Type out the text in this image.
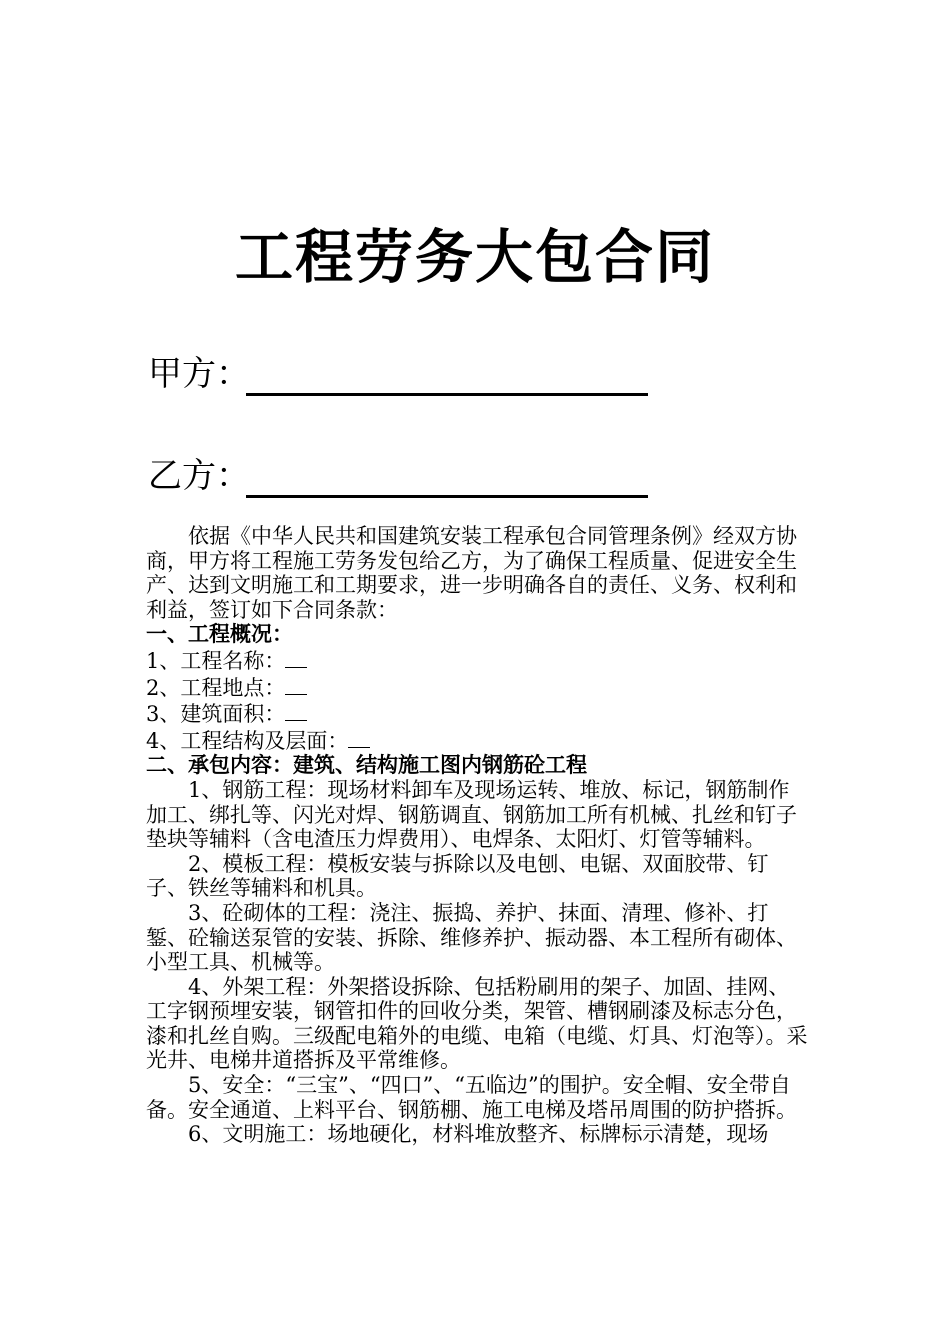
工程劳务大包合同
甲方：
乙方：

依据《中华人民共和国建筑安装工程承包合同管理条例》经双方协商，甲方将工程施工劳务发包给乙方，为了确保工程质量、促进安全生产、达到文明施工和工期要求，进一步明确各自的责任、义务、权利和利益，签订如下合同条款：

一、工程概况：

1、工程名称：

2、工程地点：

3、建筑面积：

4、工程结构及层面：

二、承包内容：建筑、结构施工图内钢筋砼工程

1、钢筋工程：现场材料卸车及现场运转、堆放、标记，钢筋制作加工、绑扎等、闪光对焊、钢筋调直、钢筋加工所有机械、扎丝和钉子垫块等辅料（含电渣压力焊费用）、电焊条、太阳灯、灯管等辅料。

2、模板工程：模板安装与拆除以及电刨、电锯、双面胶带、钉子、铁丝等辅料和机具。

3、砼砌体的工程：浇注、振捣、养护、抹面、清理、修补、打錾、砼输送泵管的安装、拆除、维修养护、振动器、本工程所有砌体、小型工具、机械等。

4、外架工程：外架搭设拆除、包括粉刷用的架子、加固、挂网、工字钢预埋安装，钢管扣件的回收分类，架管、槽钢刷漆及标志分色，漆和扎丝自购。三级配电箱外的电缆、电箱（电缆、灯具、灯泡等）。采光井、电梯井道搭拆及平常维修。

5、安全：“三宝”、“四口”、“五临边”的围护。安全帽、安全带自备。安全通道、上料平台、钢筋棚、施工电梯及塔吊周围的防护搭拆。

6、文明施工：场地硬化，材料堆放整齐、标牌标示清楚，现场
